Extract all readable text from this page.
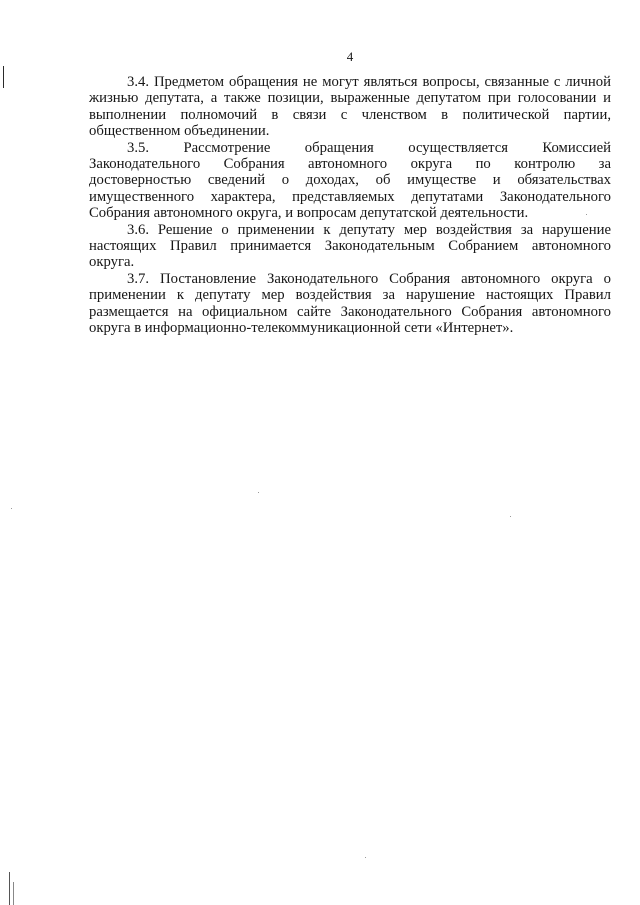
4
3.4. Предметом обращения не могут являться вопросы, связанные с личной
жизнью депутата, а также позиции, выраженные депутатом при голосовании и
выполнении полномочий в связи с членством в политической партии,
общественном объединении.
3.5. Рассмотрение обращения осуществляется Комиссией
Законодательного Собрания автономного округа по контролю за
достоверностью сведений о доходах, об имуществе и обязательствах
имущественного характера, представляемых депутатами Законодательного
Собрания автономного округа, и вопросам депутатской деятельности.
3.6. Решение о применении к депутату мер воздействия за нарушение
настоящих Правил принимается Законодательным Собранием автономного
округа.
3.7. Постановление Законодательного Собрания автономного округа о
применении к депутату мер воздействия за нарушение настоящих Правил
размещается на официальном сайте Законодательного Собрания автономного
округа в информационно-телекоммуникационной сети «Интернет».
